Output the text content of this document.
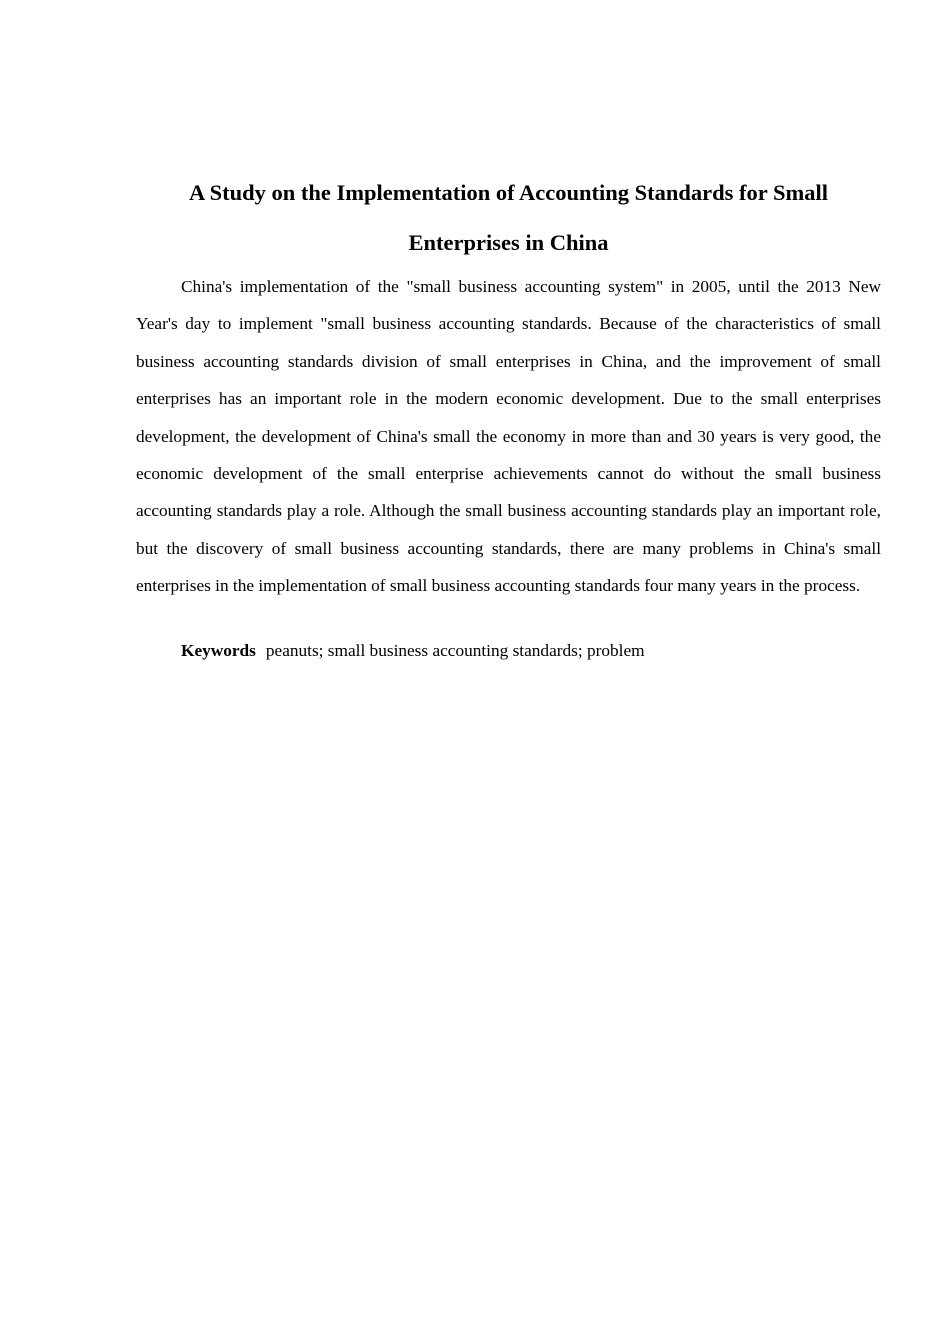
A Study on the Implementation of Accounting Standards for Small Enterprises in China

China's implementation of the "small business accounting system" in 2005, until the 2013 New Year's day to implement "small business accounting standards. Because of the characteristics of small business accounting standards division of small enterprises in China, and the improvement of small enterprises has an important role in the modern economic development. Due to the small enterprises development, the development of China's small the economy in more than and 30 years is very good, the economic development of the small enterprise achievements cannot do without the small business accounting standards play a role. Although the small business accounting standards play an important role, but the discovery of small business accounting standards, there are many problems in China's small enterprises in the implementation of small business accounting standards four many years in the process.

Keywords peanuts; small business accounting standards; problem
